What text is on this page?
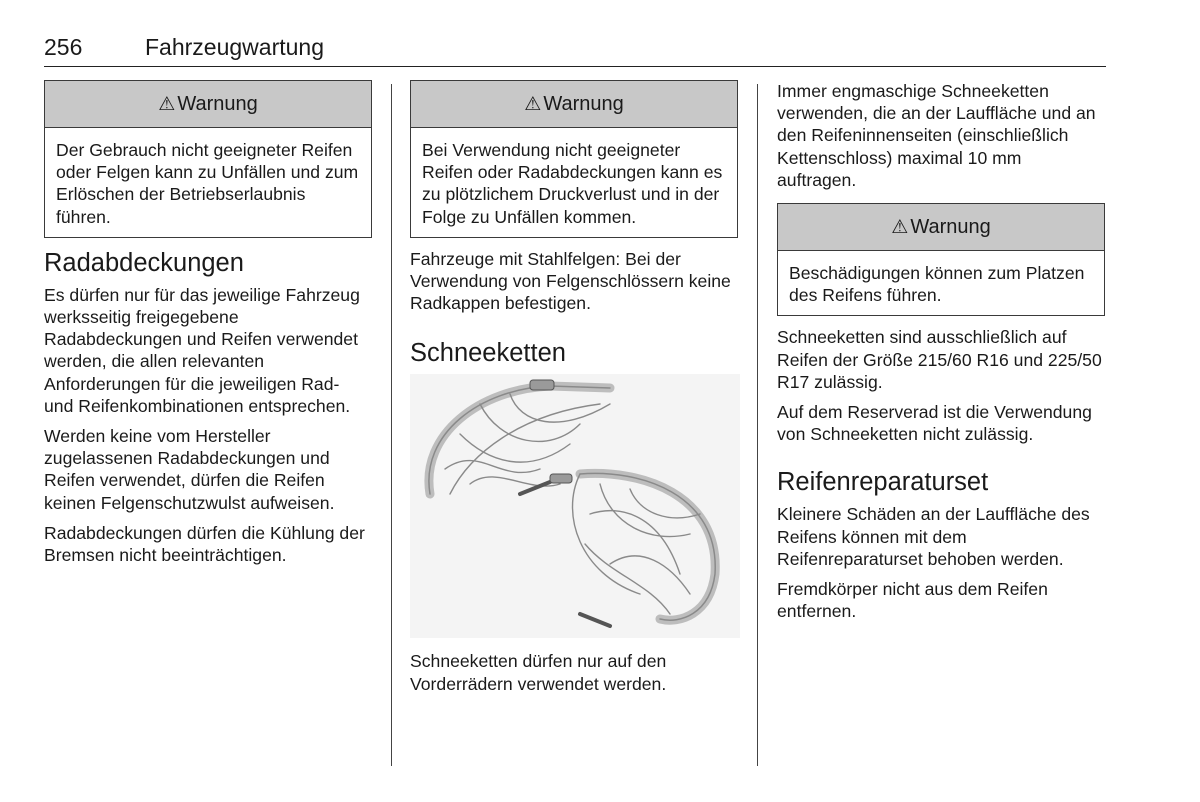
256	Fahrzeugwartung
⚠ Warnung
Der Gebrauch nicht geeigneter Reifen oder Felgen kann zu Unfällen und zum Erlöschen der Betriebserlaubnis führen.
Radabdeckungen

Es dürfen nur für das jeweilige Fahrzeug werksseitig freigegebene Radabdeckungen und Reifen verwendet werden, die allen relevanten Anforderungen für die jeweiligen Rad- und Reifenkombinationen entsprechen.

Werden keine vom Hersteller zugelassenen Radabdeckungen und Reifen verwendet, dürfen die Reifen keinen Felgenschutzwulst aufweisen.

Radabdeckungen dürfen die Kühlung der Bremsen nicht beeinträchtigen.

⚠ Warnung
Bei Verwendung nicht geeigneter Reifen oder Radabdeckungen kann es zu plötzlichem Druckverlust und in der Folge zu Unfällen kommen.

Fahrzeuge mit Stahlfelgen: Bei der Verwendung von Felgenschlössern keine Radkappen befestigen.

Schneeketten

Schneeketten dürfen nur auf den Vorderrädern verwendet werden.

Immer engmaschige Schneeketten verwenden, die an der Lauffläche und an den Reifeninnenseiten (einschließlich Kettenschloss) maximal 10 mm auftragen.

⚠ Warnung
Beschädigungen können zum Platzen des Reifens führen.

Schneeketten sind ausschließlich auf Reifen der Größe 215/60 R16 und 225/50 R17 zulässig.

Auf dem Reserverad ist die Verwendung von Schneeketten nicht zulässig.

Reifenreparaturset

Kleinere Schäden an der Lauffläche des Reifens können mit dem Reifenreparaturset behoben werden.

Fremdkörper nicht aus dem Reifen entfernen.
